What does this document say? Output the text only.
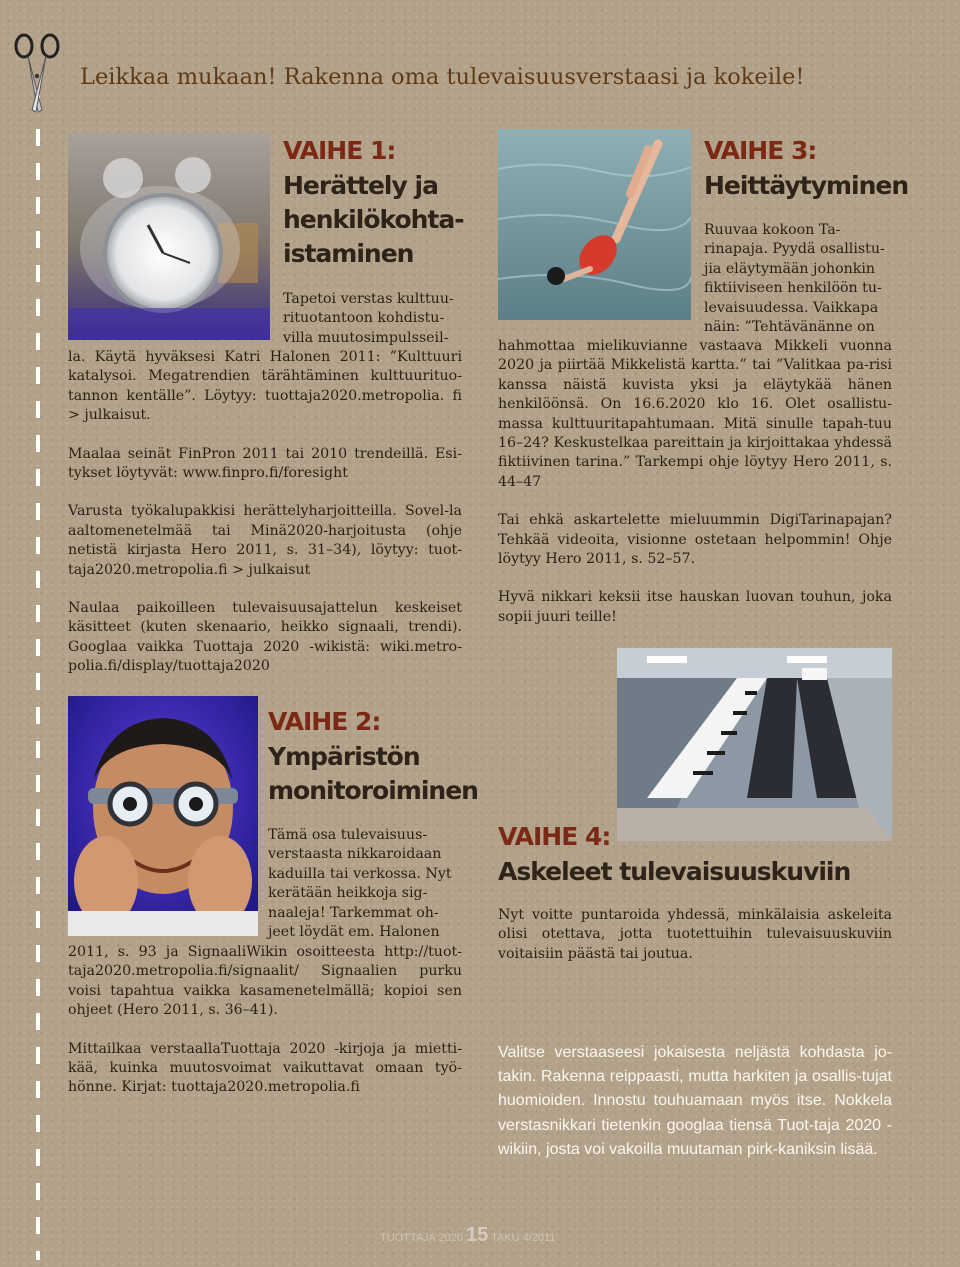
Leikkaa mukaan! Rakenna oma tulevaisuusverstaasi ja kokeile!
VAIHE 1:
Herättely ja
henkilökohta-
istaminen
Tapetoi verstas kulttuu-
rituotantoon kohdistu-
villa muutosimpulsseil-

la. Käytä hyväksesi Katri Halonen 2011: ”Kulttuuri katalysoi. Megatrendien tärähtäminen kulttuurituo-tannon kentälle”. Löytyy: tuottaja2020.metropolia. fi > julkaisut.

Maalaa seinät FinPron 2011 tai 2010 trendeillä. Esi-tykset löytyvät: www.finpro.fi/foresight

Varusta työkalupakkisi herättelyharjoitteilla. Sovel-la aaltomenetelmää tai Minä2020-harjoitusta (ohje netistä kirjasta Hero 2011, s. 31–34), löytyy: tuot-taja2020.metropolia.fi > julkaisut

Naulaa paikoilleen tulevaisuusajattelun keskeiset käsitteet (kuten skenaario, heikko signaali, trendi). Googlaa vaikka Tuottaja 2020 -wikistä: wiki.metro-polia.fi/display/tuottaja2020

VAIHE 2:
Ympäristön
monitoroiminen
Tämä osa tulevaisuus-
verstaasta nikkaroidaan
kaduilla tai verkossa. Nyt
kerätään heikkoja sig-
naaleja! Tarkemmat oh-
jeet löydät em. Halonen

2011, s. 93 ja SignaaliWikin osoitteesta http://tuot-taja2020.metropolia.fi/signaalit/ Signaalien purku voisi tapahtua vaikka kasamenetelmällä; kopioi sen ohjeet (Hero 2011, s. 36–41).

Mittailkaa verstaallaTuottaja 2020 -kirjoja ja mietti-kää, kuinka muutosvoimat vaikuttavat omaan työ-hönne. Kirjat: tuottaja2020.metropolia.fi

VAIHE 3:
Heittäytyminen
Ruuvaa kokoon Ta-
rinapaja. Pyydä osallistu-
jia eläytymään johonkin
fiktiiviseen henkilöön tu-
levaisuudessa. Vaikkapa
näin: ”Tehtävänänne on

hahmottaa mielikuvianne vastaava Mikkeli vuonna 2020 ja piirtää Mikkelistä kartta.” tai ”Valitkaa pa-risi kanssa näistä kuvista yksi ja eläytykää hänen henkilöönsä. On 16.6.2020 klo 16. Olet osallistu-massa kulttuuritapahtumaan. Mitä sinulle tapah-tuu 16–24? Keskustelkaa pareittain ja kirjoittakaa yhdessä fiktiivinen tarina.” Tarkempi ohje löytyy Hero 2011, s. 44–47

Tai ehkä askartelette mieluummin DigiTarinapajan? Tehkää videoita, visionne ostetaan helpommin! Ohje löytyy Hero 2011, s. 52–57.

Hyvä nikkari keksii itse hauskan luovan touhun, joka sopii juuri teille!

VAIHE 4:
Askeleet tulevaisuuskuviin

Nyt voitte puntaroida yhdessä, minkälaisia askeleita olisi otettava, jotta tuotettuihin tulevaisuuskuviin voitaisiin päästä tai joutua.

Valitse verstaaseesi jokaisesta neljästä kohdasta jo-takin. Rakenna reippaasti, mutta harkiten ja osallis-tujat huomioiden. Innostu touhuamaan myös itse. Nokkela verstasnikkari tietenkin googlaa tiensä Tuot-taja 2020 -wikiin, josta voi vakoilla muutaman pirk-kaniksin lisää.
TUOTTAJA 2020 15 TAKU 4/2011
